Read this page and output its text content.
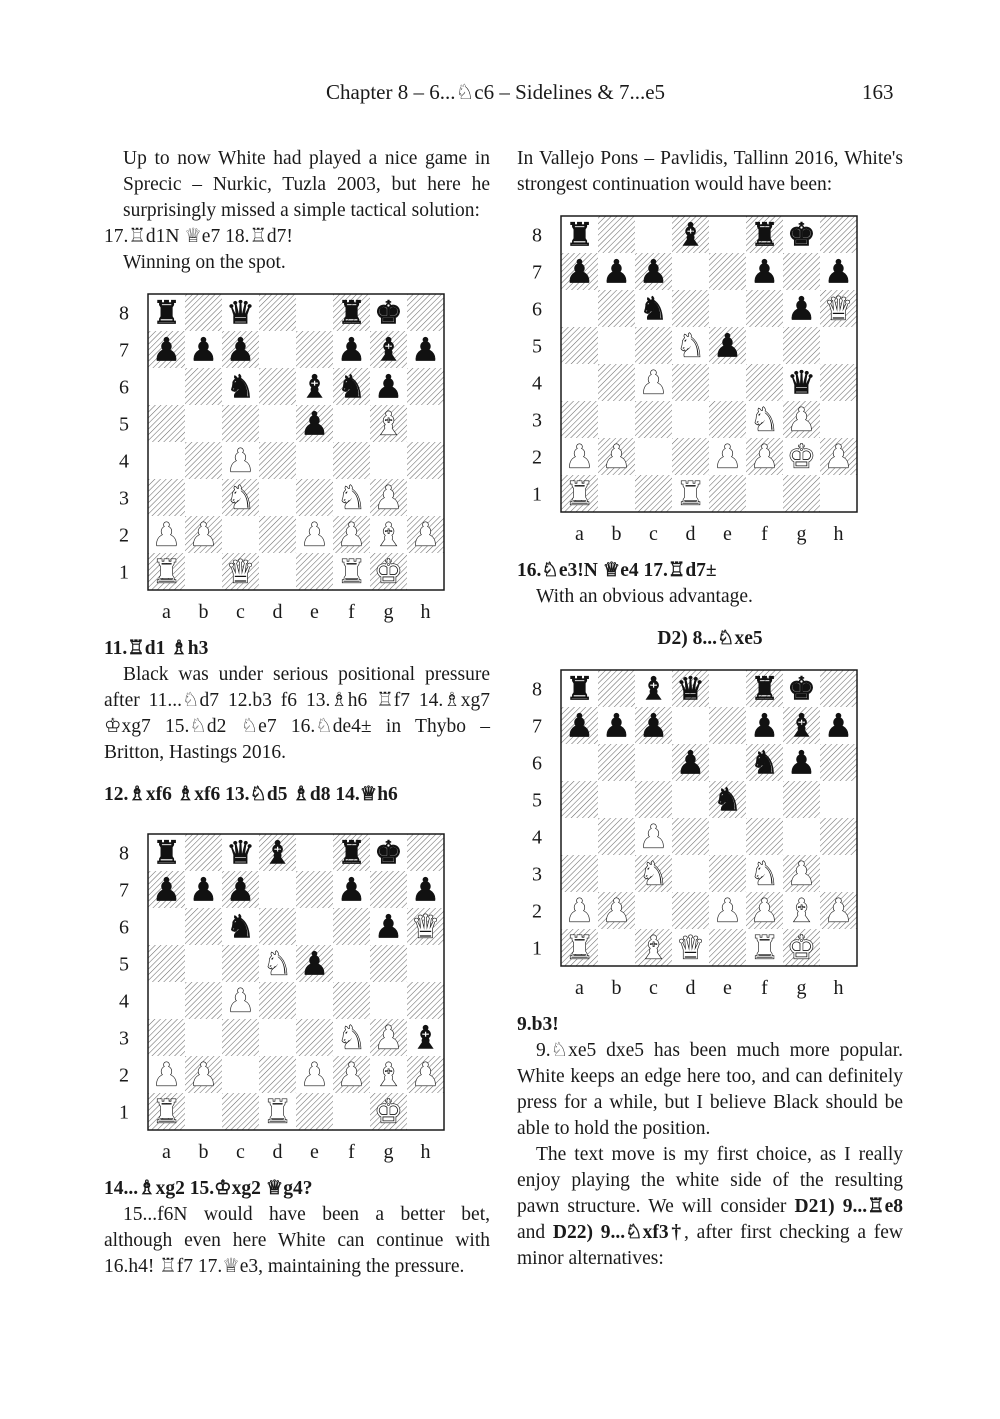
Chapter 8 – 6...♘c6 – Sidelines & 7...e5	163

Up to now White had played a nice game in Sprecic – Nurkic, Tuzla 2003, but here he surprisingly missed a simple tactical solution:

17.♖d1N ♕e7 18.♖d7!

Winning on the spot.

8
7
6
5
4
3
2
1
a b c d e f g h
♜ ♛	♜ ♚
♟ ♟ ♟	♟ ♝ ♟
♞ ♝ ♞ ♟
♟ ♝
♟
♞	♞ ♟
♟ ♟	♟ ♟ ♝ ♟
♜ ♛	♜ ♚

11.♖d1 ♗h3

Black was under serious positional pressure after 11...♘d7 12.b3 f6 13.♗h6 ♖f7 14.♗xg7 ♔xg7 15.♘d2 ♘e7 16.♘de4± in Thybo – Britton, Hastings 2016.

12.♗xf6 ♗xf6 13.♘d5 ♗d8 14.♕h6

8
7
6
5
4
3
2
1
a b c d e f g h
♜ ♛ ♝ ♜ ♚
♟ ♟ ♟	♟ ♟
♞	♟ ♛
♞ ♟
♟
♞ ♟ ♝
♟ ♟	♟ ♟ ♝ ♟
♜	♜	♚

14...♗xg2 15.♔xg2 ♕g4?

15...f6N would have been a better bet, although even here White can continue with 16.h4! ♖f7 17.♕e3, maintaining the pressure.

In Vallejo Pons – Pavlidis, Tallinn 2016, White's strongest continuation would have been:

8
7
6
5
4
3
2
1
a b c d e f g h
♜	♝ ♜ ♚
♟ ♟ ♟	♟ ♟
♞	♟ ♛
♞ ♟
♟	♛
♞ ♟
♟ ♟	♟ ♟ ♚ ♟
♜	♜

16.♘e3!N ♕e4 17.♖d7±

With an obvious advantage.

D2) 8...♘xe5

8
7
6
5
4
3
2
1
a b c d e f g h
♜ ♝ ♛ ♜ ♚
♟ ♟ ♟	♟ ♝ ♟
♟ ♞ ♟
♞
♟
♞	♞ ♟
♟ ♟	♟ ♟ ♝ ♟
♜ ♝ ♛ ♜ ♚

9.b3!

9.♘xe5 dxe5 has been much more popular. White keeps an edge here too, and can definitely press for a while, but I believe Black should be able to hold the position.

The text move is my first choice, as I really enjoy playing the white side of the resulting pawn structure. We will consider D21) 9...♖e8 and D22) 9...♘xf3†, after first checking a few minor alternatives:
